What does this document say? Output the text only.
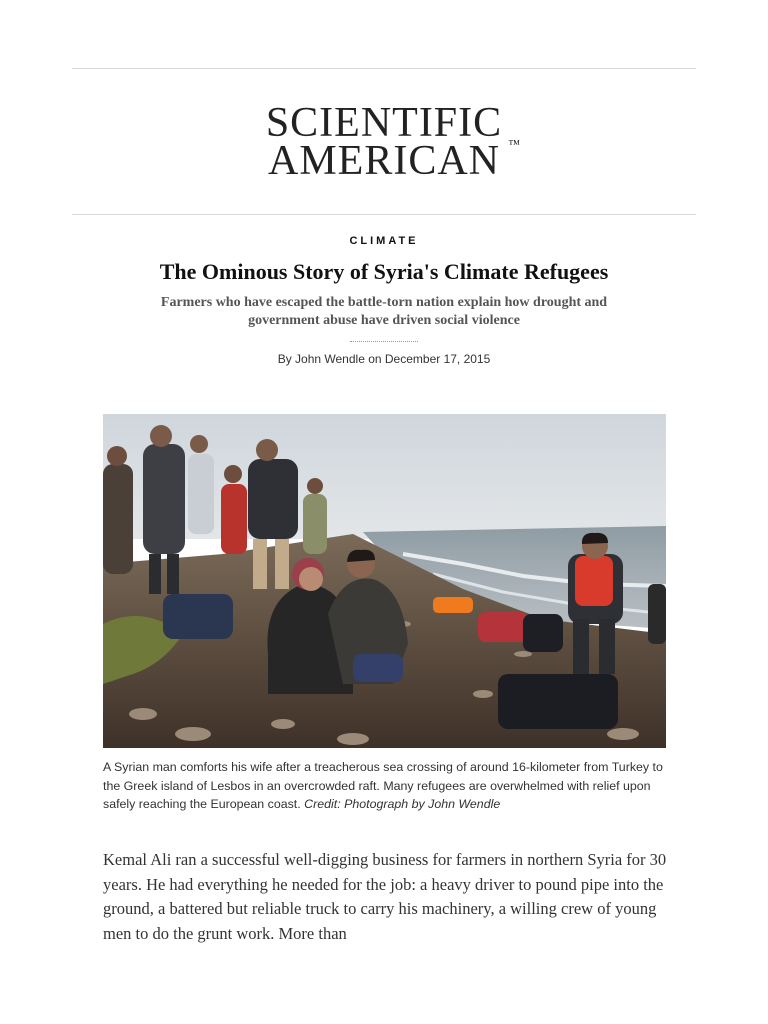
SCIENTIFIC
AMERICAN ™
CLIMATE
The Ominous Story of Syria's Climate Refugees

Farmers who have escaped the battle-torn nation explain how drought and government abuse have driven social violence

By John Wendle on December 17, 2015

A Syrian man comforts his wife after a treacherous sea crossing of around 16-kilometer from Turkey to the Greek island of Lesbos in an overcrowded raft. Many refugees are overwhelmed with relief upon safely reaching the European coast. Credit: Photograph by John Wendle

Kemal Ali ran a successful well-digging business for farmers in northern Syria for 30 years. He had everything he needed for the job: a heavy driver to pound pipe into the ground, a battered but reliable truck to carry his machinery, a willing crew of young men to do the grunt work. More than
